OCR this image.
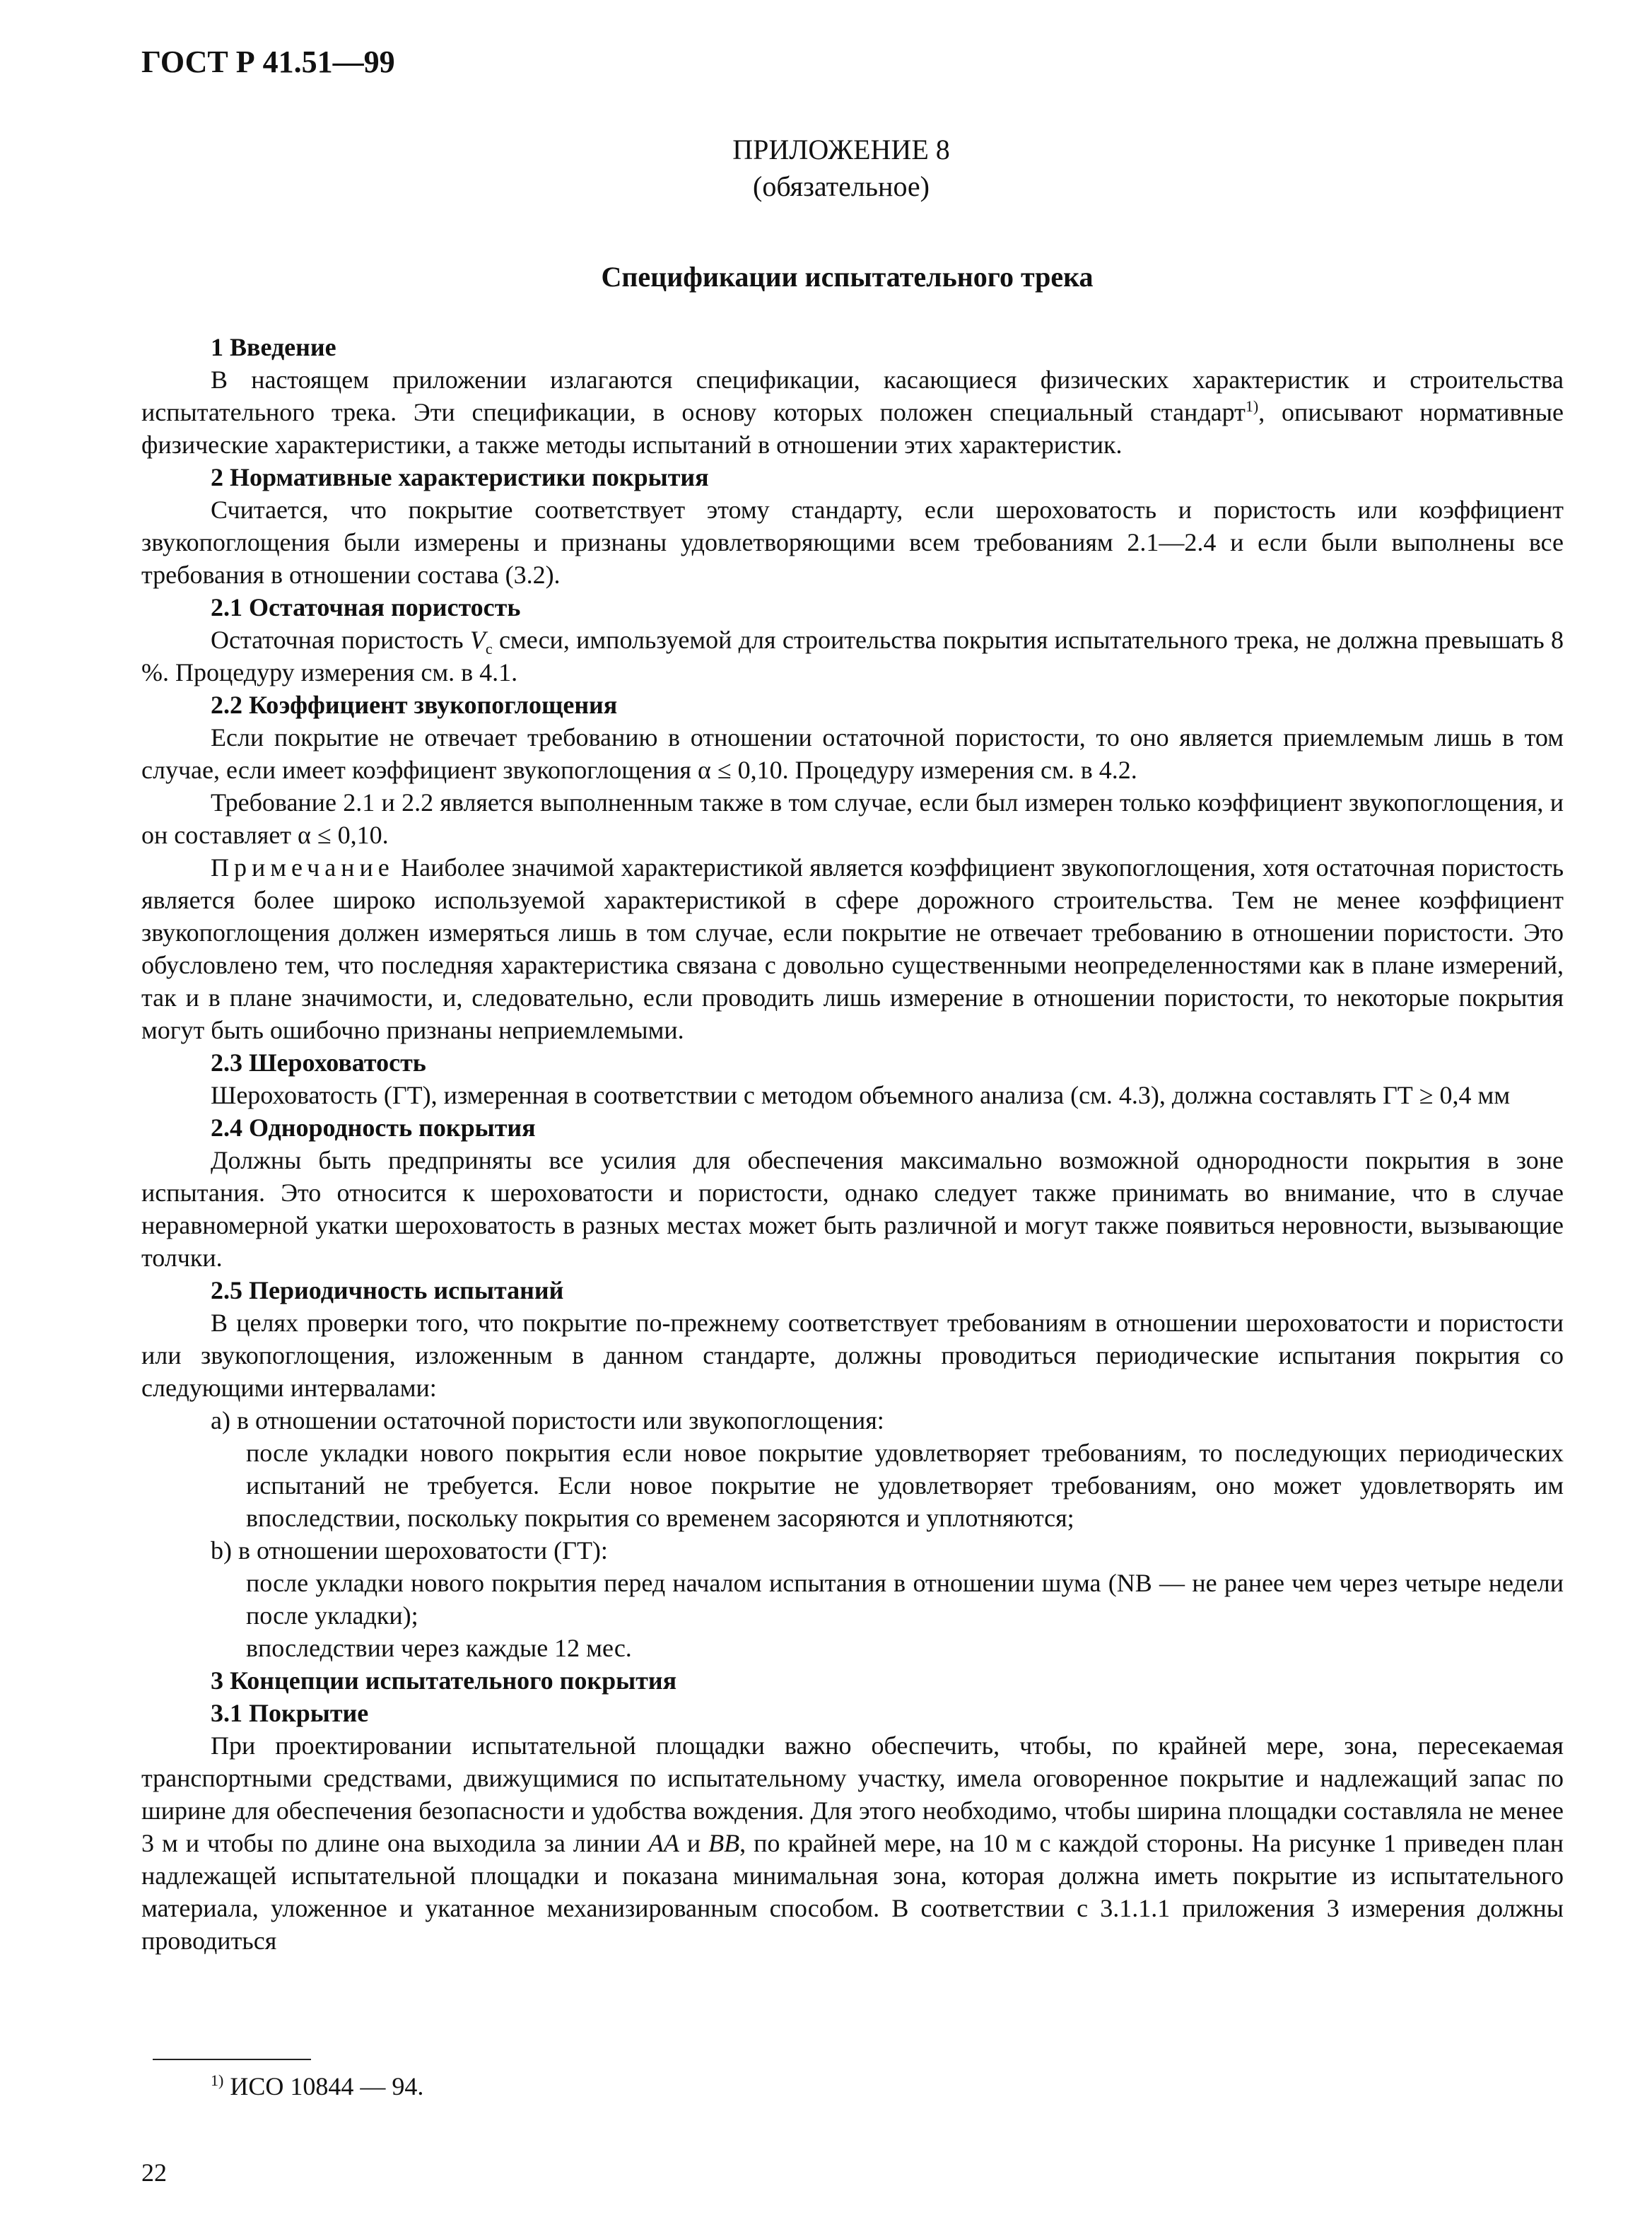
ГОСТ Р 41.51—99
ПРИЛОЖЕНИЕ 8
(обязательное)
Спецификации испытательного трека

1 Введение

В настоящем приложении излагаются спецификации, касающиеся физических характеристик и строительства испытательного трека. Эти спецификации, в основу которых положен специальный стандарт$^{1)}$, описывают нормативные физические характеристики, а также методы испытаний в отношении этих характеристик.

2 Нормативные характеристики покрытия

Считается, что покрытие соответствует этому стандарту, если шероховатость и пористость или коэффициент звукопоглощения были измерены и признаны удовлетворяющими всем требованиям 2.1—2.4 и если были выполнены все требования в отношении состава (3.2).

2.1 Остаточная пористость

Остаточная пористость $V_c$ смеси, импользуемой для строительства покрытия испытательного трека, не должна превышать 8 %. Процедуру измерения см. в 4.1.

2.2 Коэффициент звукопоглощения

Если покрытие не отвечает требованию в отношении остаточной пористости, то оно является приемлемым лишь в том случае, если имеет коэффициент звукопоглощения α ≤ 0,10. Процедуру измерения см. в 4.2.

Требование 2.1 и 2.2 является выполненным также в том случае, если был измерен только коэффициент звукопоглощения, и он составляет α ≤ 0,10.

Примечание Наиболее значимой характеристикой является коэффициент звукопоглощения, хотя остаточная пористость является более широко используемой характеристикой в сфере дорожного строительства. Тем не менее коэффициент звукопоглощения должен измеряться лишь в том случае, если покрытие не отвечает требованию в отношении пористости. Это обусловлено тем, что последняя характеристика связана с довольно существенными неопределенностями как в плане измерений, так и в плане значимости, и, следовательно, если проводить лишь измерение в отношении пористости, то некоторые покрытия могут быть ошибочно признаны неприемлемыми.

2.3 Шероховатость

Шероховатость (ГТ), измеренная в соответствии с методом объемного анализа (см. 4.3), должна составлять ГТ ≥ 0,4 мм

2.4 Однородность покрытия

Должны быть предприняты все усилия для обеспечения максимально возможной однородности покрытия в зоне испытания. Это относится к шероховатости и пористости, однако следует также принимать во внимание, что в случае неравномерной укатки шероховатость в разных местах может быть различной и могут также появиться неровности, вызывающие толчки.

2.5 Периодичность испытаний

В целях проверки того, что покрытие по-прежнему соответствует требованиям в отношении шероховатости и пористости или звукопоглощения, изложенным в данном стандарте, должны проводиться периодические испытания покрытия со следующими интервалами:

а) в отношении остаточной пористости или звукопоглощения:

после укладки нового покрытия если новое покрытие удовлетворяет требованиям, то последующих периодических испытаний не требуется. Если новое покрытие не удовлетворяет требованиям, оно может удовлетворять им впоследствии, поскольку покрытия со временем засоряются и уплотняются;

b) в отношении шероховатости (ГТ):

после укладки нового покрытия перед началом испытания в отношении шума (NB — не ранее чем через четыре недели после укладки);

впоследствии через каждые 12 мес.

3 Концепции испытательного покрытия

3.1 Покрытие

При проектировании испытательной площадки важно обеспечить, чтобы, по крайней мере, зона, пересекаемая транспортными средствами, движущимися по испытательному участку, имела оговоренное покрытие и надлежащий запас по ширине для обеспечения безопасности и удобства вождения. Для этого необходимо, чтобы ширина площадки составляла не менее 3 м и чтобы по длине она выходила за линии АА и ВВ, по крайней мере, на 10 м с каждой стороны. На рисунке 1 приведен план надлежащей испытательной площадки и показана минимальная зона, которая должна иметь покрытие из испытательного материала, уложенное и укатанное механизированным способом. В соответствии с 3.1.1.1 приложения 3 измерения должны проводиться

$^{1)}$ ИСО 10844 — 94.
22
